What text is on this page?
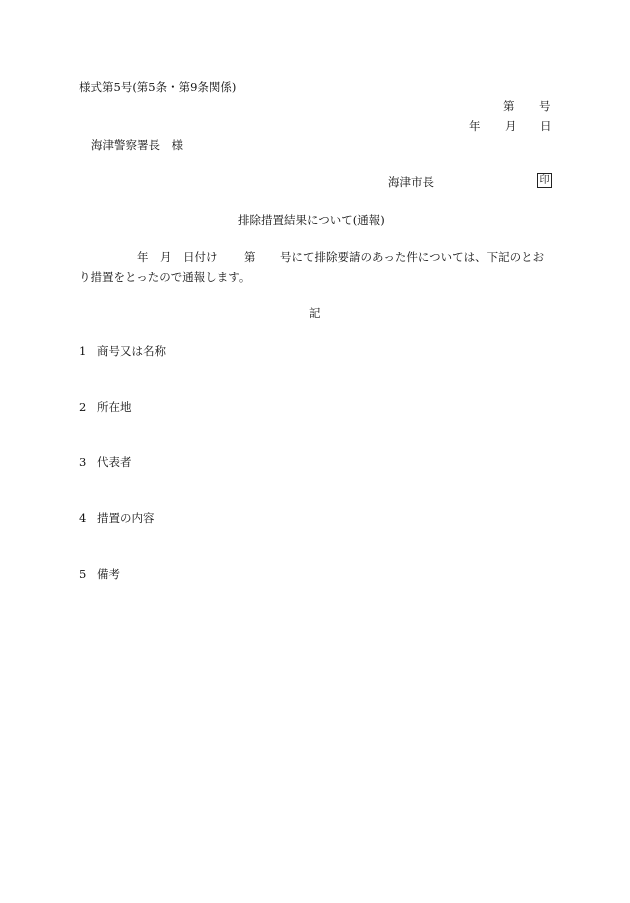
様式第5号(第5条・第9条関係)
第 号
年 月 日
海津警察署長　様
海津市長	印
排除措置結果について(通報)
年　月　日付け 第 号にて排除要請のあった件については、下記のとお
り措置をとったので通報します。
記
1 商号又は名称
2 所在地
3 代表者
4 措置の内容
5 備考
